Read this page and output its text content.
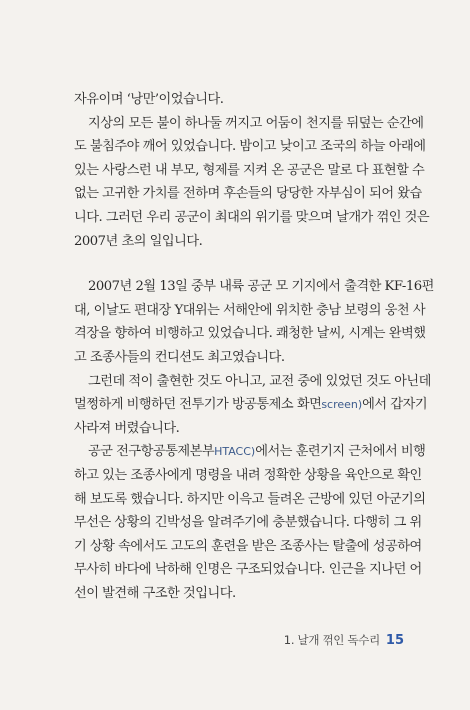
자유이며 ‘낭만’이었습니다.
지상의 모든 불이 하나둘 꺼지고 어둠이 천지를 뒤덮는 순간에
도 불침주야 깨어 있었습니다. 밤이고 낮이고 조국의 하늘 아래에
있는 사랑스런 내 부모, 형제를 지켜 온 공군은 말로 다 표현할 수
없는 고귀한 가치를 전하며 후손들의 당당한 자부심이 되어 왔습
니다. 그러던 우리 공군이 최대의 위기를 맞으며 날개가 꺾인 것은
2007년 초의 일입니다.
2007년 2월 13일 중부 내륙 공군 모 기지에서 출격한 KF-16편
대, 이날도 편대장 Y대위는 서해안에 위치한 충남 보령의 웅천 사
격장을 향하여 비행하고 있었습니다. 쾌청한 날씨, 시계는 완벽했
고 조종사들의 컨디션도 최고였습니다.
그런데 적이 출현한 것도 아니고, 교전 중에 있었던 것도 아닌데
멀쩡하게 비행하던 전투기가 방공통제소 화면screen)에서 갑자기
사라져 버렸습니다.
공군 전구항공통제본부HTACC)에서는 훈련기지 근처에서 비행
하고 있는 조종사에게 명령을 내려 정확한 상황을 육안으로 확인
해 보도록 했습니다. 하지만 이윽고 들려온 근방에 있던 아군기의
무선은 상황의 긴박성을 알려주기에 충분했습니다. 다행히 그 위
기 상황 속에서도 고도의 훈련을 받은 조종사는 탈출에 성공하여
무사히 바다에 낙하해 인명은 구조되었습니다. 인근을 지나던 어
선이 발견해 구조한 것입니다.
1. 날개 꺾인 독수리 15
